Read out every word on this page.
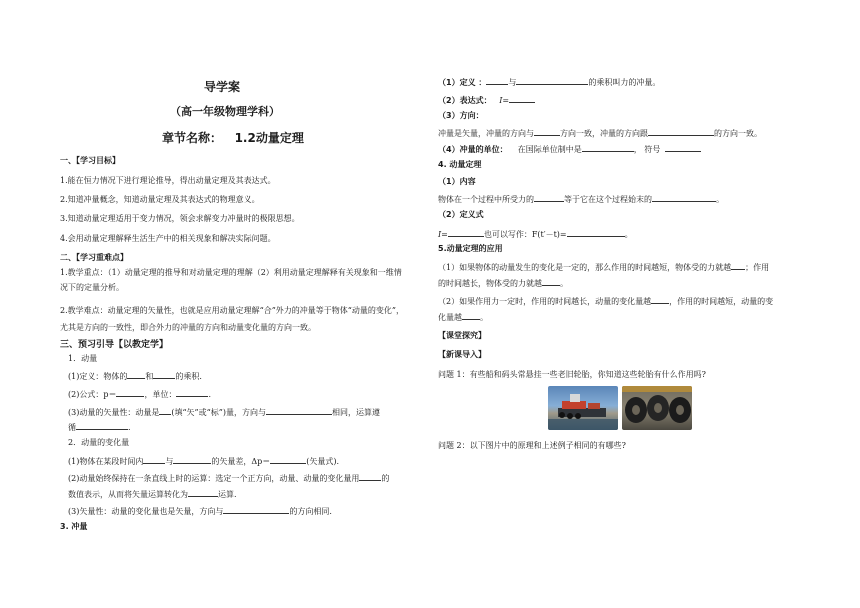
导学案
（高一年级物理学科）
章节名称： 1.2动量定理
一、【学习目标】
1.能在恒力情况下进行理论推导，得出动量定理及其表达式。
2.知道冲量概念，知道动量定理及其表达式的物理意义。
3.知道动量定理适用于变力情况，领会求解变力冲量时的极限思想。
4.会用动量定理解释生活生产中的相关现象和解决实际问题。
二、【学习重难点】
1.教学重点：（1）动量定理的推导和对动量定理的理解（2）利用动量定理解释有关现象和一维情
况下的定量分析。
2.教学难点：动量定理的矢量性，也就是应用动量定理解“合”外力的冲量等于物体“动量的变化”，
尤其是方向的一致性，即合外力的冲量的方向和动量变化量的方向一致。
三、预习引导【以教定学】
1．动量
(1)定义：物体的 和	的乘积.
(2)公式：p＝	，单位：	.
(3)动量的矢量性：动量是 (填“矢”或“标”)量，方向与	相同，运算遵
循	.
2．动量的变化量
(1)物体在某段时间内	与	的矢量差，Δp＝	(矢量式).
(2)动量始终保持在一条直线上时的运算：选定一个正方向，动量、动量的变化量用	的
数值表示，从而将矢量运算转化为	运算.
(3)矢量性：动量的变化量也是矢量，方向与	的方向相同.
3. 冲量
（1）定义 ：	与	的乘积叫力的冲量。
（2）表达式： I=
（3）方向：
冲量是矢量，冲量的方向与	方向一致，冲量的方向跟	的方向一致。
（4）冲量的单位： 在国际单位制中是	， 符号
4. 动量定理
（1）内容
物体在一个过程中所受力的	等于它在这个过程始末的	。
（2）定义式
I=	也可以写作：F(t′－t)=	。
5.动量定理的应用
（1）如果物体的动量发生的变化是一定的，那么作用的时间越短，物体受的力就越 ；作用
的时间越长，物体受的力就越 。
（2）如果作用力一定时，作用的时间越长，动量的变化量越 ，作用的时间越短，动量的变
化量越 。
【课堂探究】
【新课导入】
问题 1：有些船和码头常悬挂一些老旧轮胎，你知道这些轮胎有什么作用吗?
问题 2：以下图片中的原理和上述例子相同的有哪些?
